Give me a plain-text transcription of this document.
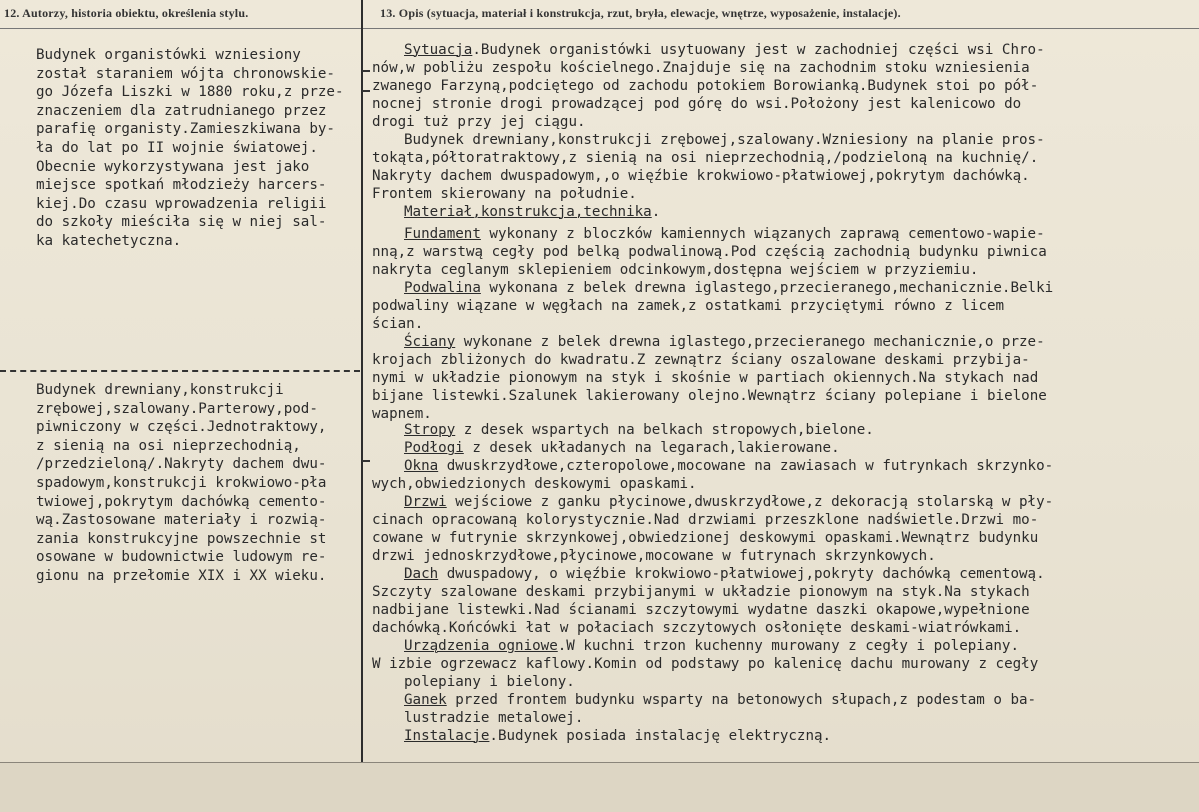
12. Autorzy, historia obiektu, określenia stylu.	13. Opis (sytuacja, materiał i konstrukcja, rzut, bryła, elewacje, wnętrze, wyposażenie, instalacje).
Budynek organistówki wzniesiony
został staraniem wójta chronowskie-
go Józefa Liszki w 1880 roku,z prze-
znaczeniem dla zatrudnianego przez
parafię organisty.Zamieszkiwana by-
ła do lat po II wojnie światowej.
Obecnie wykorzystywana jest jako
miejsce spotkań młodzieży harcers-
kiej.Do czasu wprowadzenia religii
do szkoły mieściła się w niej sal-
ka katechetyczna.
Budynek drewniany,konstrukcji
zrębowej,szalowany.Parterowy,pod-
piwniczony w części.Jednotraktowy,
z sienią na osi nieprzechodnią,
/przedzieloną/.Nakryty dachem dwu-
spadowym,konstrukcji krokwiowo-pła
twiowej,pokrytym dachówką cemento-
wą.Zastosowane materiały i rozwią-
zania konstrukcyjne powszechnie st
osowane w budownictwie ludowym re-
gionu na przełomie XIX i XX wieku.
Sytuacja.Budynek organistówki usytuowany jest w zachodniej części wsi Chro-
nów,w pobliżu zespołu kościelnego.Znajduje się na zachodnim stoku wzniesienia
zwanego Farzyną,podciętego od zachodu potokiem Borowianką.Budynek stoi po pół-
nocnej stronie drogi prowadzącej pod górę do wsi.Położony jest kalenicowo do
drogi tuż przy jej ciągu.
Budynek drewniany,konstrukcji zrębowej,szalowany.Wzniesiony na planie pros-
tokąta,półtoratraktowy,z sienią na osi nieprzechodnią,/podzieloną na kuchnię/.
Nakryty dachem dwuspadowym,,o więźbie krokwiowo-płatwiowej,pokrytym dachówką.
Frontem skierowany na południe.
Materiał,konstrukcja,technika.
Fundament wykonany z bloczków kamiennych wiązanych zaprawą cementowo-wapie-
nną,z warstwą cegły pod belką podwalinową.Pod częścią zachodnią budynku piwnica
nakryta ceglanym sklepieniem odcinkowym,dostępna wejściem w przyziemiu.
Podwalina wykonana z belek drewna iglastego,przecieranego,mechanicznie.Belki
podwaliny wiązane w węgłach na zamek,z ostatkami przyciętymi równo z licem
ścian.
Ściany wykonane z belek drewna iglastego,przecieranego mechanicznie,o prze-
krojach zbliżonych do kwadratu.Z zewnątrz ściany oszalowane deskami przybija-
nymi w układzie pionowym na styk i skośnie w partiach okiennych.Na stykach nad
bijane listewki.Szalunek lakierowany olejno.Wewnątrz ściany polepiane i bielone
wapnem.
Stropy z desek wspartych na belkach stropowych,bielone.
Podłogi z desek układanych na legarach,lakierowane.
Okna dwuskrzydłowe,czteropolowe,mocowane na zawiasach w futrynkach skrzynko-
wych,obwiedzionych deskowymi opaskami.
Drzwi wejściowe z ganku płycinowe,dwuskrzydłowe,z dekoracją stolarską w pły-
cinach opracowaną kolorystycznie.Nad drzwiami przeszklone nadświetle.Drzwi mo-
cowane w futrynie skrzynkowej,obwiedzionej deskowymi opaskami.Wewnątrz budynku
drzwi jednoskrzydłowe,płycinowe,mocowane w futrynach skrzynkowych.
Dach dwuspadowy, o więźbie krokwiowo-płatwiowej,pokryty dachówką cementową.
Szczyty szalowane deskami przybijanymi w układzie pionowym na styk.Na stykach
nadbijane listewki.Nad ścianami szczytowymi wydatne daszki okapowe,wypełnione
dachówką.Końcówki łat w połaciach szczytowych osłonięte deskami-wiatrówkami.
Urządzenia ogniowe.W kuchni trzon kuchenny murowany z cegły i polepiany.
W izbie ogrzewacz kaflowy.Komin od podstawy po kalenicę dachu murowany z cegły
polepiany i bielony.
Ganek przed frontem budynku wsparty na betonowych słupach,z podestam o ba-
lustradzie metalowej.
Instalacje.Budynek posiada instalację elektryczną.
